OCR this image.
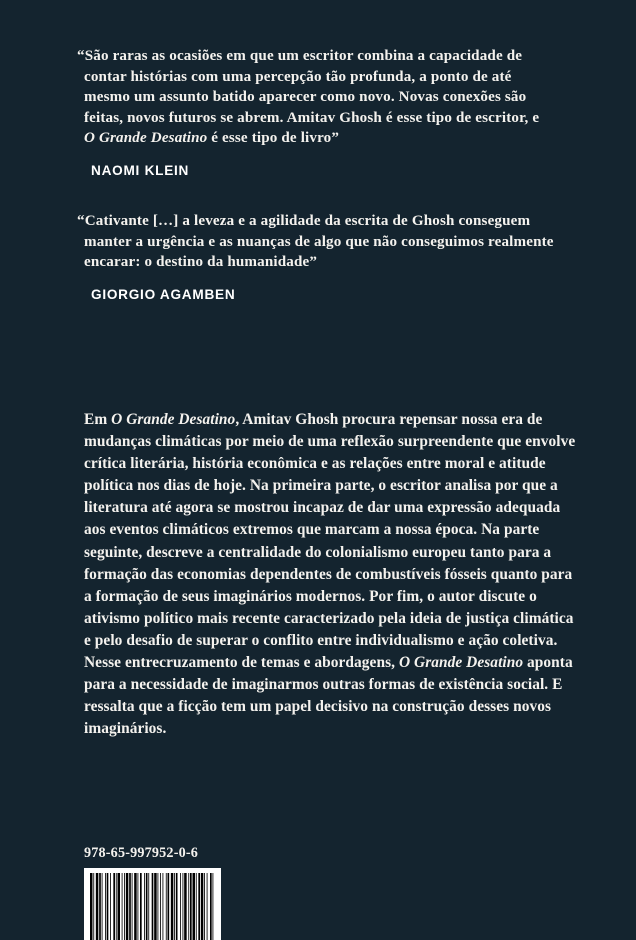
“São raras as ocasiões em que um escritor combina a capacidade de contar histórias com uma percepção tão profunda, a ponto de até mesmo um assunto batido aparecer como novo. Novas conexões são feitas, novos futuros se abrem. Amitav Ghosh é esse tipo de escritor, e O Grande Desatino é esse tipo de livro”
NAOMI KLEIN
“Cativante […] a leveza e a agilidade da escrita de Ghosh conseguem manter a urgência e as nuanças de algo que não conseguimos realmente encarar: o destino da humanidade”
GIORGIO AGAMBEN
Em O Grande Desatino, Amitav Ghosh procura repensar nossa era de mudanças climáticas por meio de uma reflexão surpreendente que envolve crítica literária, história econômica e as relações entre moral e atitude política nos dias de hoje. Na primeira parte, o escritor analisa por que a literatura até agora se mostrou incapaz de dar uma expressão adequada aos eventos climáticos extremos que marcam a nossa época. Na parte seguinte, descreve a centralidade do colonialismo europeu tanto para a formação das economias dependentes de combustíveis fósseis quanto para a formação de seus imaginários modernos. Por fim, o autor discute o ativismo político mais recente caracterizado pela ideia de justiça climática e pelo desafio de superar o conflito entre individualismo e ação coletiva. Nesse entrecruzamento de temas e abordagens, O Grande Desatino aponta para a necessidade de imaginarmos outras formas de existência social. E ressalta que a ficção tem um papel decisivo na construção desses novos imaginários.
978-65-997952-0-6
